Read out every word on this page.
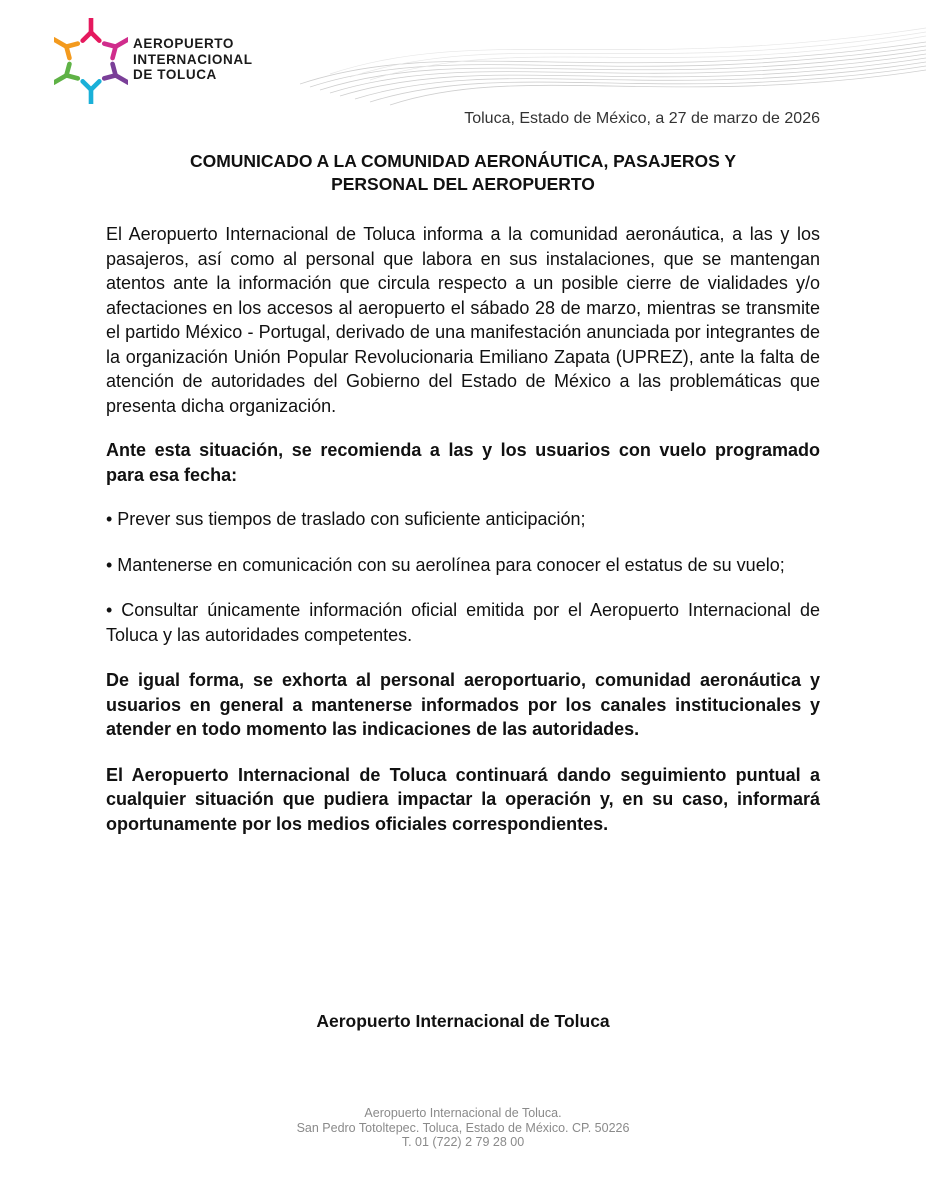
AEROPUERTO
INTERNACIONAL
DE TOLUCA
Toluca, Estado de México, a 27 de marzo de 2026
COMUNICADO A LA COMUNIDAD AERONÁUTICA, PASAJEROS Y
PERSONAL DEL AEROPUERTO

El Aeropuerto Internacional de Toluca informa a la comunidad aeronáutica, a las y los pasajeros, así como al personal que labora en sus instalaciones, que se mantengan atentos ante la información que circula respecto a un posible cierre de vialidades y/o afectaciones en los accesos al aeropuerto el sábado 28 de marzo, mientras se transmite el partido México - Portugal, derivado de una manifestación anunciada por integrantes de la organización Unión Popular Revolucionaria Emiliano Zapata (UPREZ), ante la falta de atención de autoridades del Gobierno del Estado de México a las problemáticas que presenta dicha organización.

Ante esta situación, se recomienda a las y los usuarios con vuelo programado para esa fecha:

• Prever sus tiempos de traslado con suficiente anticipación;

• Mantenerse en comunicación con su aerolínea para conocer el estatus de su vuelo;

• Consultar únicamente información oficial emitida por el Aeropuerto Internacional de Toluca y las autoridades competentes.

De igual forma, se exhorta al personal aeroportuario, comunidad aeronáutica y usuarios en general a mantenerse informados por los canales institucionales y atender en todo momento las indicaciones de las autoridades.

El Aeropuerto Internacional de Toluca continuará dando seguimiento puntual a cualquier situación que pudiera impactar la operación y, en su caso, informará oportunamente por los medios oficiales correspondientes.

Aeropuerto Internacional de Toluca
Aeropuerto Internacional de Toluca.
San Pedro Totoltepec. Toluca, Estado de México. CP. 50226
T. 01 (722) 2 79 28 00
